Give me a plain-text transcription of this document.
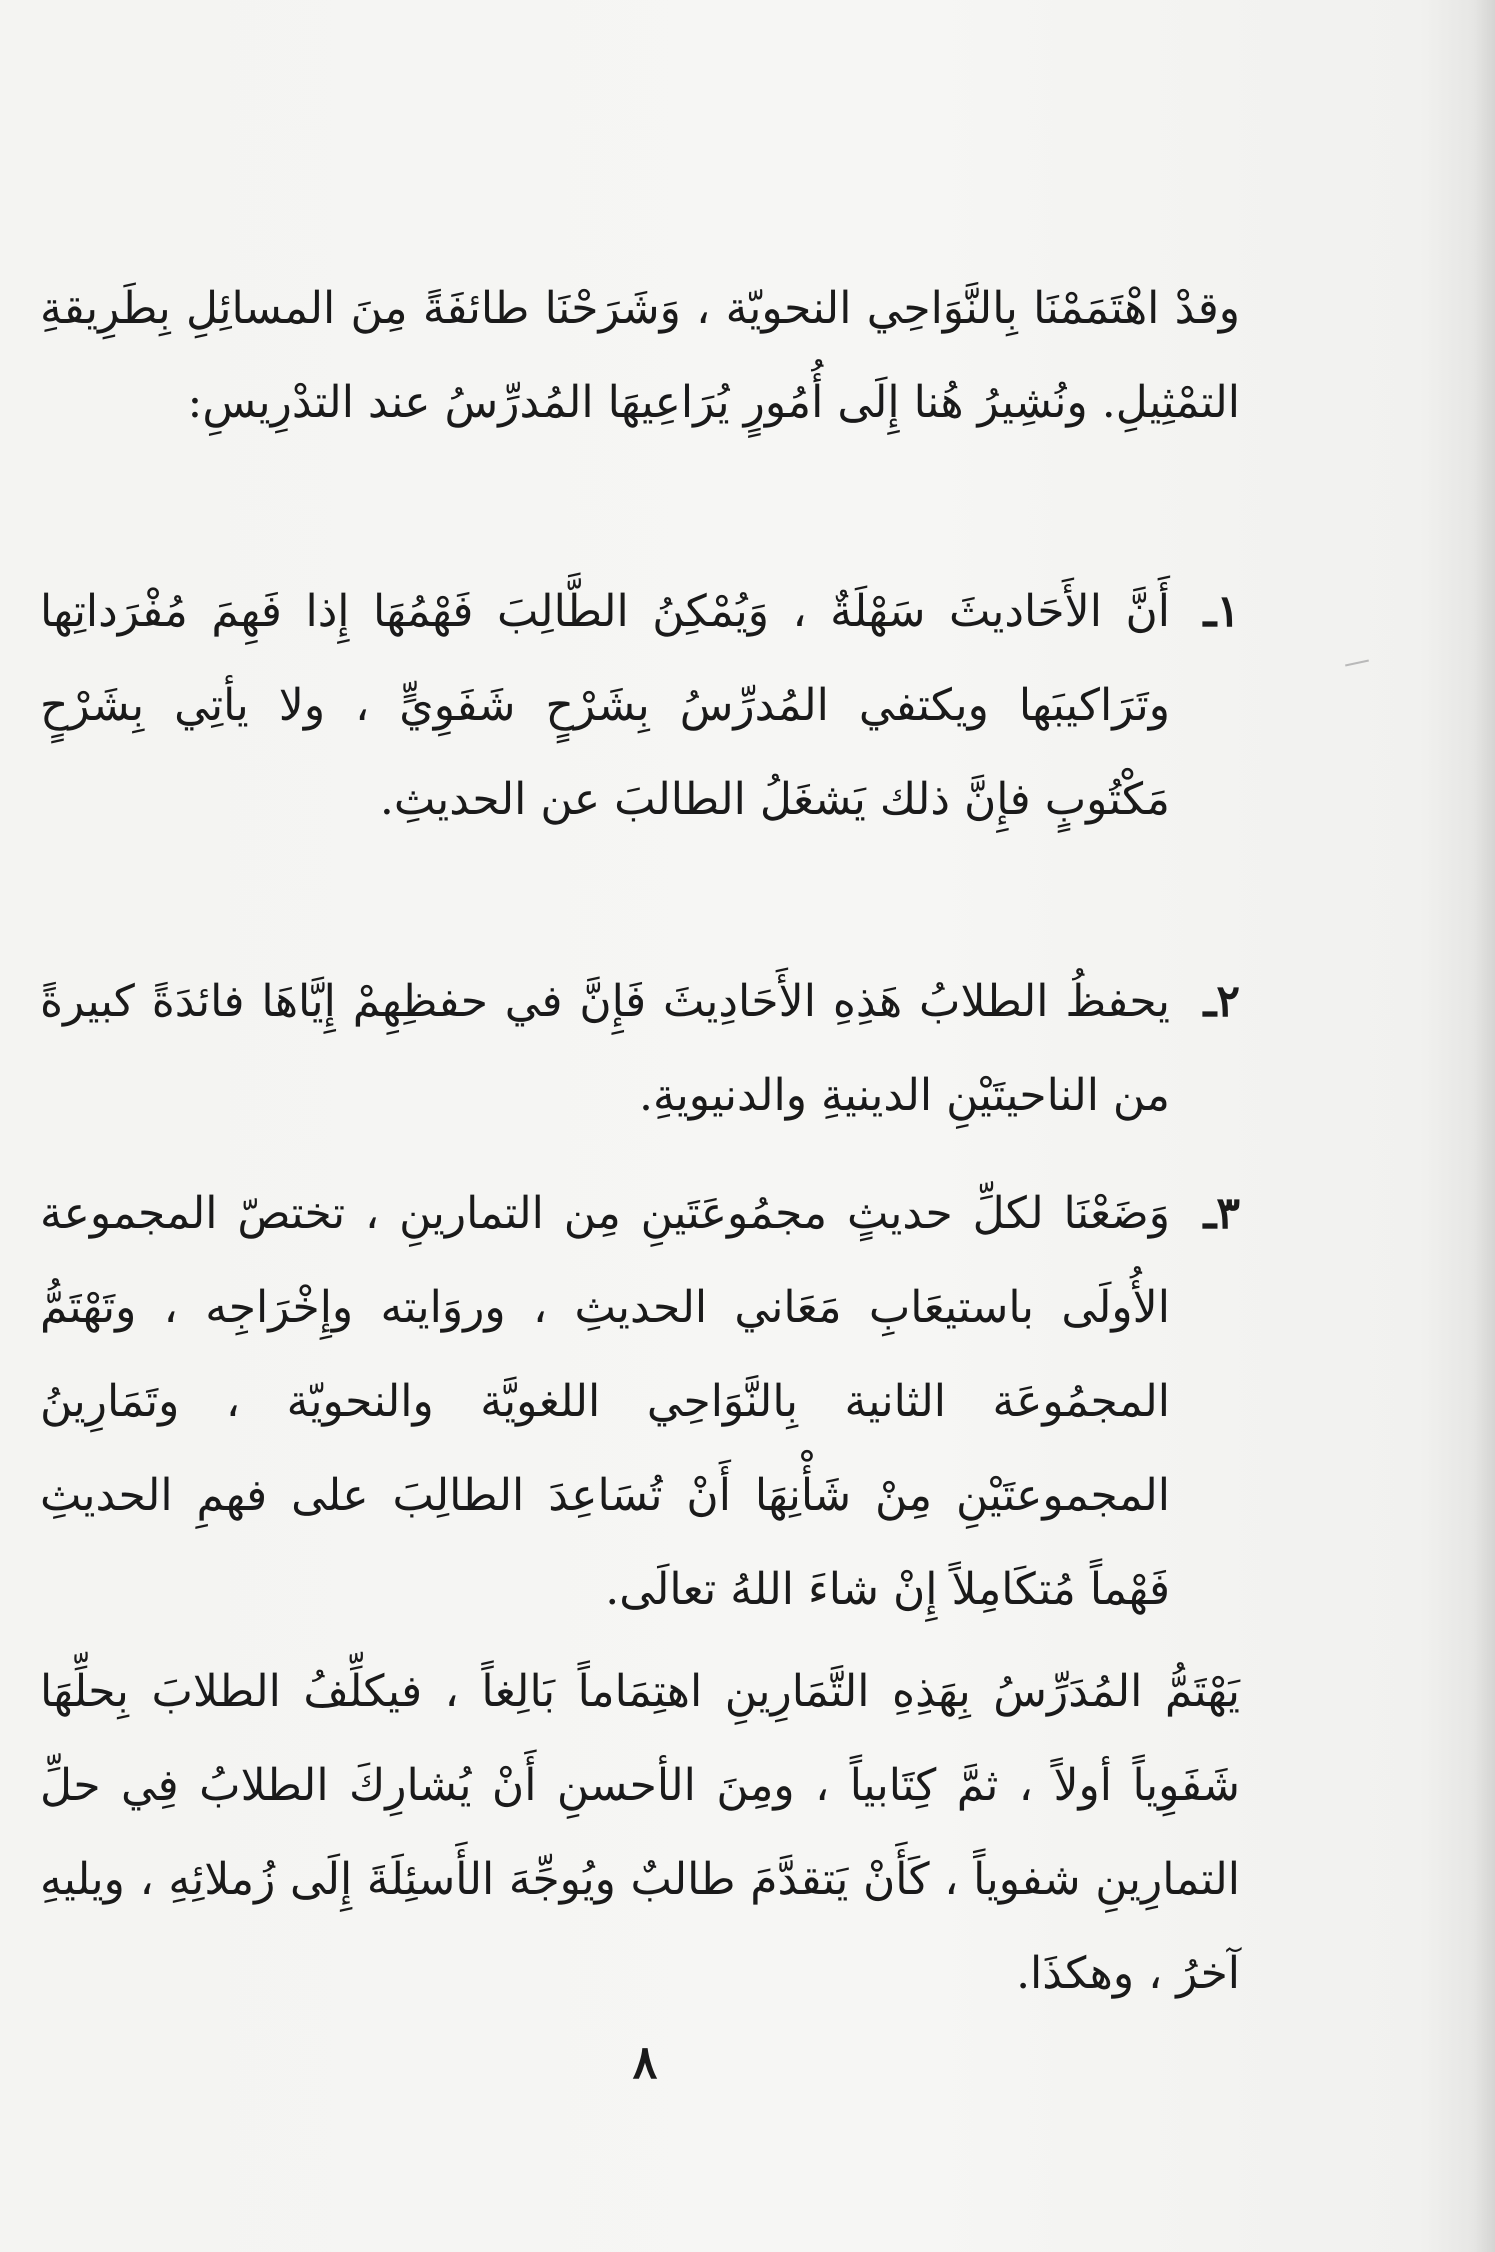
وقدْ اهْتَمَمْنَا بِالنَّوَاحِي النحويّة ، وَشَرَحْنَا طائفَةً مِنَ المسائِلِ بِطَرِيقةِ التمْثِيلِ. ونُشِيرُ هُنا إِلَى أُمُورٍ يُرَاعِيهَا المُدرِّسُ عند التدْرِيسِ:

١ـ
أَنَّ الأَحَاديثَ سَهْلَةٌ ، وَيُمْكِنُ الطَّالِبَ فَهْمُهَا إِذا فَهِمَ مُفْرَداتِها وتَرَاكيبَها ويكتفي المُدرِّسُ بِشَرْحٍ شَفَوِيٍّ ، ولا يأتِي بِشَرْحٍ مَكْتُوبٍ فإِنَّ ذلك يَشغَلُ الطالبَ عن الحديثِ.
٢ـ
يحفظُ الطلابُ هَذِهِ الأَحَادِيثَ فَإِنَّ في حفظِهِمْ إِيَّاهَا فائدَةً كبيرةً من الناحيتَيْنِ الدينيةِ والدنيويةِ.
٣ـ
وَضَعْنَا لكلِّ حديثٍ مجمُوعَتَينِ مِن التمارينِ ، تختصّ المجموعة الأُولَى باستيعَابِ مَعَاني الحديثِ ، وروَايته وإِخْرَاجِه ، وتَهْتَمُّ المجمُوعَة الثانية بِالنَّوَاحِي اللغويَّة والنحويّة ، وتَمَارِينُ المجموعتَيْنِ مِنْ شَأْنِهَا أَنْ تُسَاعِدَ الطالِبَ على فهمِ الحديثِ فَهْماً مُتكَامِلاً إِنْ شاءَ اللهُ تعالَى.

يَهْتَمُّ المُدَرِّسُ بِهَذِهِ التَّمَارِينِ اهتِمَاماً بَالِغاً ، فيكلِّفُ الطلابَ بِحلِّهَا شَفَوِياً أولاً ، ثمَّ كِتَابياً ، ومِنَ الأحسنِ أَنْ يُشارِكَ الطلابُ فِي حلِّ التمارِينِ شفوياً ، كَأَنْ يَتقدَّمَ طالبٌ ويُوجِّهَ الأَسئِلَةَ إِلَى زُملائِهِ ، ويليهِ آخرُ ، وهكذَا.

٨
